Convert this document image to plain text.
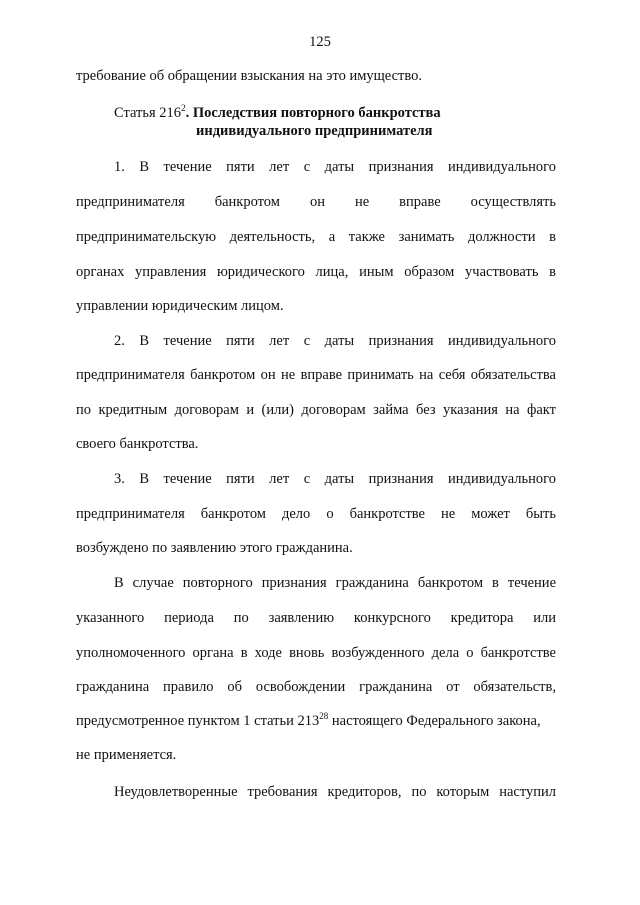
125
требование об обращении взыскания на это имущество.
Статья $216^2$. Последствия повторного банкротства
индивидуального предпринимателя
1. В течение пяти лет с даты признания индивидуального
предпринимателя банкротом он не вправе осуществлять
предпринимательскую деятельность, а также занимать должности в
органах управления юридического лица, иным образом участвовать в
управлении юридическим лицом.
2. В течение пяти лет с даты признания индивидуального
предпринимателя банкротом он не вправе принимать на себя обязательства
по кредитным договорам и (или) договорам займа без указания на факт
своего банкротства.
3. В течение пяти лет с даты признания индивидуального
предпринимателя банкротом дело о банкротстве не может быть
возбуждено по заявлению этого гражданина.
В случае повторного признания гражданина банкротом в течение
указанного периода по заявлению конкурсного кредитора или
уполномоченного органа в ходе вновь возбужденного дела о банкротстве
гражданина правило об освобождении гражданина от обязательств,
предусмотренное пунктом 1 статьи $213^{28}$ настоящего Федерального закона,
не применяется.
Неудовлетворенные требования кредиторов, по которым наступил
